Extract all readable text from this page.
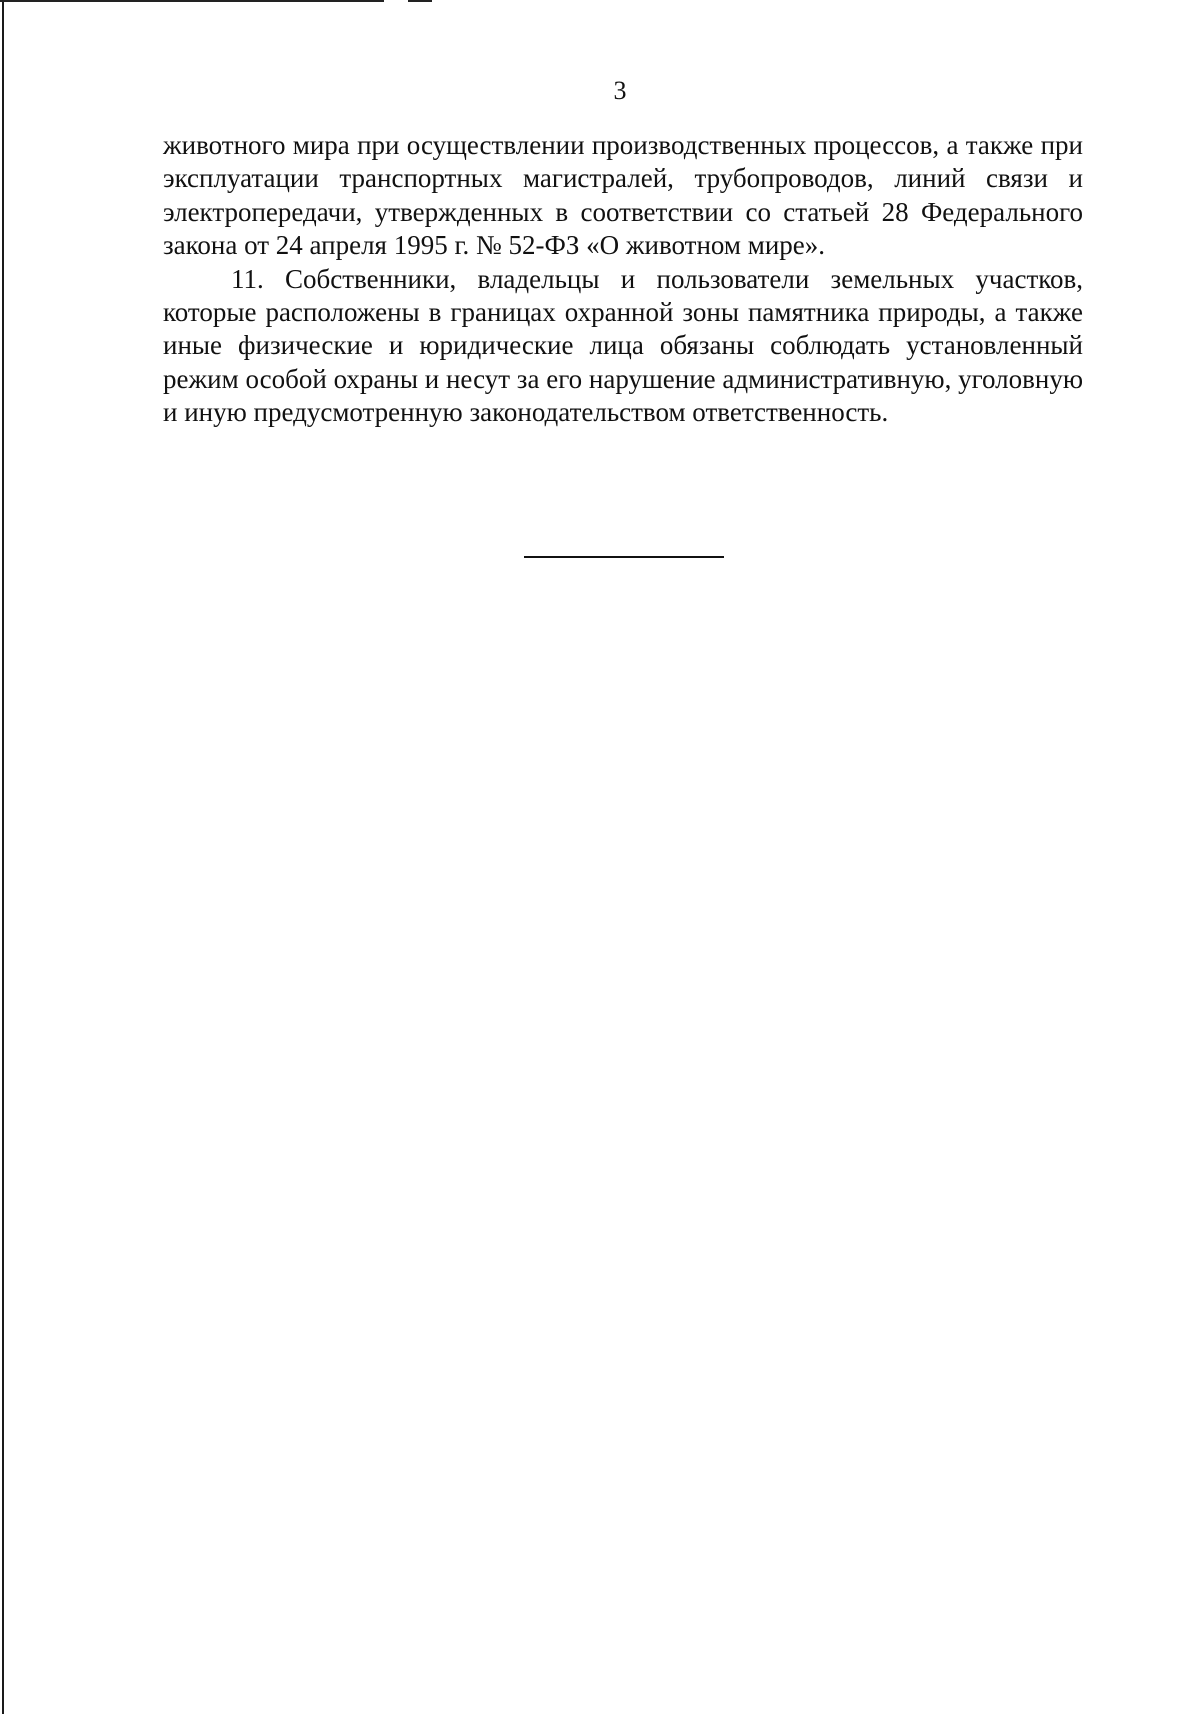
3

животного мира при осуществлении производственных процессов, а также при эксплуатации транспортных магистралей, трубопроводов, линий связи и электропередачи, утвержденных в соответствии со статьей 28 Федерального закона от 24 апреля 1995 г. № 52-ФЗ «О животном мире».

11. Собственники, владельцы и пользователи земельных участков, которые расположены в границах охранной зоны памятника природы, а также иные физические и юридические лица обязаны соблюдать установленный режим особой охраны и несут за его нарушение административную, уголовную и иную предусмотренную законодательством ответственность.
